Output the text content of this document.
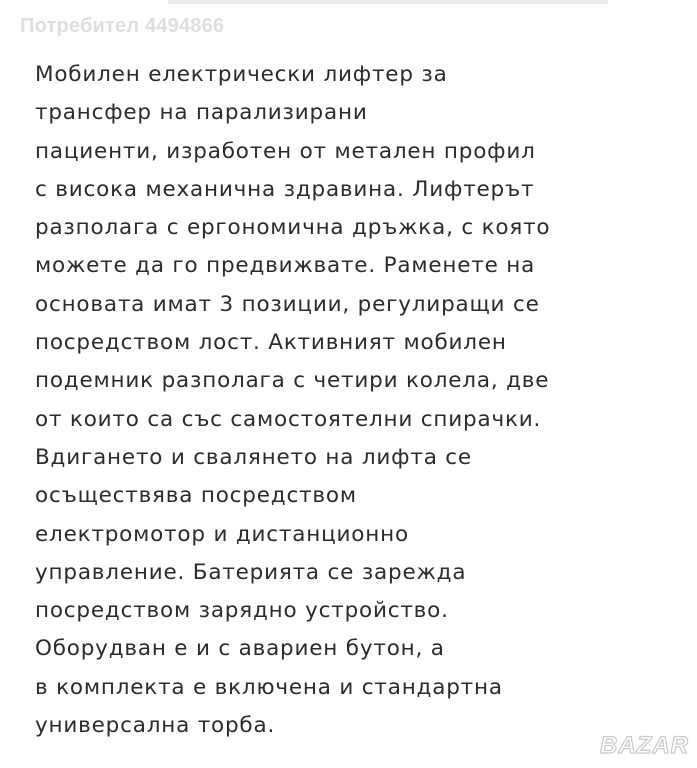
Потребител 4494866

Мобилен електрически лифтер за
трансфер на парализирани
пациенти, изработен от метален профил
с висока механична здравина. Лифтерът
разполага с ергономична дръжка, с която
можете да го предвижвате. Раменете на
основата имат 3 позиции, регулиращи се
посредством лост. Активният мобилен
подемник разполага с четири колела, две
от които са със самостоятелни спирачки.
Вдигането и свалянето на лифта се
осъществява посредством
електромотор и дистанционно
управление. Батерията се зарежда
посредством зарядно устройство.
Оборудван е и с авариен бутон, а
в комплекта е включена и стандартна
универсална торба.

BAZAR
